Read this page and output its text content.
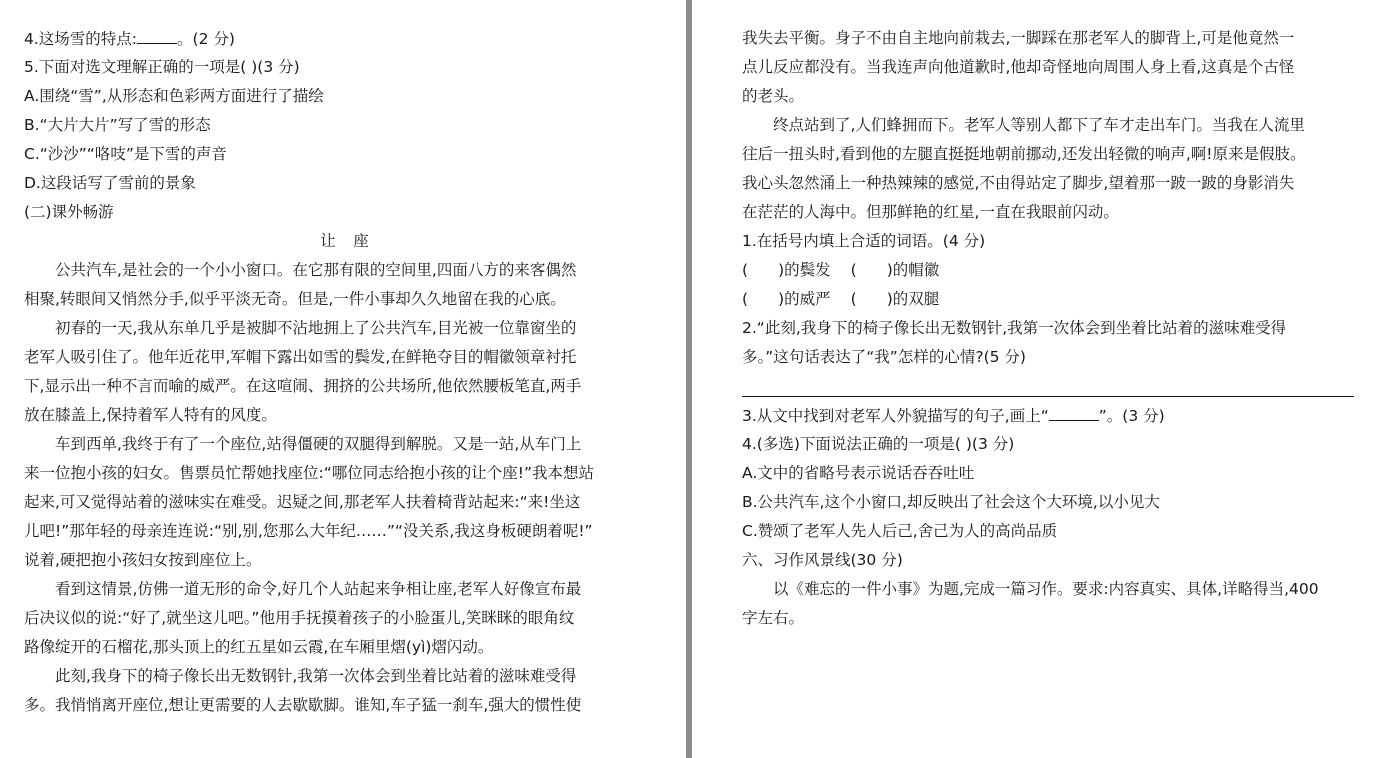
4.这场雪的特点:	。(2 分)
5.下面对选文理解正确的一项是( )(3 分)
A.围绕“雪”,从形态和色彩两方面进行了描绘
B.“大片大片”写了雪的形态
C.“沙沙”“咯吱”是下雪的声音
D.这段话写了雪前的景象
(二)课外畅游
让　座
公共汽车,是社会的一个小小窗口。在它那有限的空间里,四面八方的来客偶然
相聚,转眼间又悄然分手,似乎平淡无奇。但是,一件小事却久久地留在我的心底。
初春的一天,我从东单几乎是被脚不沾地拥上了公共汽车,目光被一位靠窗坐的
老军人吸引住了。他年近花甲,军帽下露出如雪的鬓发,在鲜艳夺目的帽徽领章衬托
下,显示出一种不言而喻的威严。在这喧闹、拥挤的公共场所,他依然腰板笔直,两手
放在膝盖上,保持着军人特有的风度。
车到西单,我终于有了一个座位,站得僵硬的双腿得到解脱。又是一站,从车门上
来一位抱小孩的妇女。售票员忙帮她找座位:“哪位同志给抱小孩的让个座!”我本想站
起来,可又觉得站着的滋味实在难受。迟疑之间,那老军人扶着椅背站起来:“来!坐这
儿吧!”那年轻的母亲连连说:“别,别,您那么大年纪……”“没关系,我这身板硬朗着呢!”
说着,硬把抱小孩妇女按到座位上。
看到这情景,仿佛一道无形的命令,好几个人站起来争相让座,老军人好像宣布最
后决议似的说:“好了,就坐这儿吧。”他用手抚摸着孩子的小脸蛋儿,笑眯眯的眼角纹
路像绽开的石榴花,那头顶上的红五星如云霞,在车厢里熠(yì)熠闪动。
此刻,我身下的椅子像长出无数钢针,我第一次体会到坐着比站着的滋味难受得
多。我悄悄离开座位,想让更需要的人去歇歇脚。谁知,车子猛一刹车,强大的惯性使
我失去平衡。身子不由自主地向前栽去,一脚踩在那老军人的脚背上,可是他竟然一
点儿反应都没有。当我连声向他道歉时,他却奇怪地向周围人身上看,这真是个古怪
的老头。
终点站到了,人们蜂拥而下。老军人等别人都下了车才走出车门。当我在人流里
往后一扭头时,看到他的左腿直挺挺地朝前挪动,还发出轻微的响声,啊!原来是假肢。
我心头忽然涌上一种热辣辣的感觉,不由得站定了脚步,望着那一跛一跛的身影消失
在茫茫的人海中。但那鲜艳的红星,一直在我眼前闪动。
1.在括号内填上合适的词语。(4 分)
( )的鬓发 ( )的帽徽
( )的威严 ( )的双腿
2.“此刻,我身下的椅子像长出无数钢针,我第一次体会到坐着比站着的滋味难受得
多。”这句话表达了“我”怎样的心情?(5 分)
3.从文中找到对老军人外貌描写的句子,画上“	”。(3 分)
4.(多选)下面说法正确的一项是( )(3 分)
A.文中的省略号表示说话吞吞吐吐
B.公共汽车,这个小窗口,却反映出了社会这个大环境,以小见大
C.赞颂了老军人先人后己,舍己为人的高尚品质
六、习作风景线(30 分)
以《难忘的一件小事》为题,完成一篇习作。要求:内容真实、具体,详略得当,400
字左右。
